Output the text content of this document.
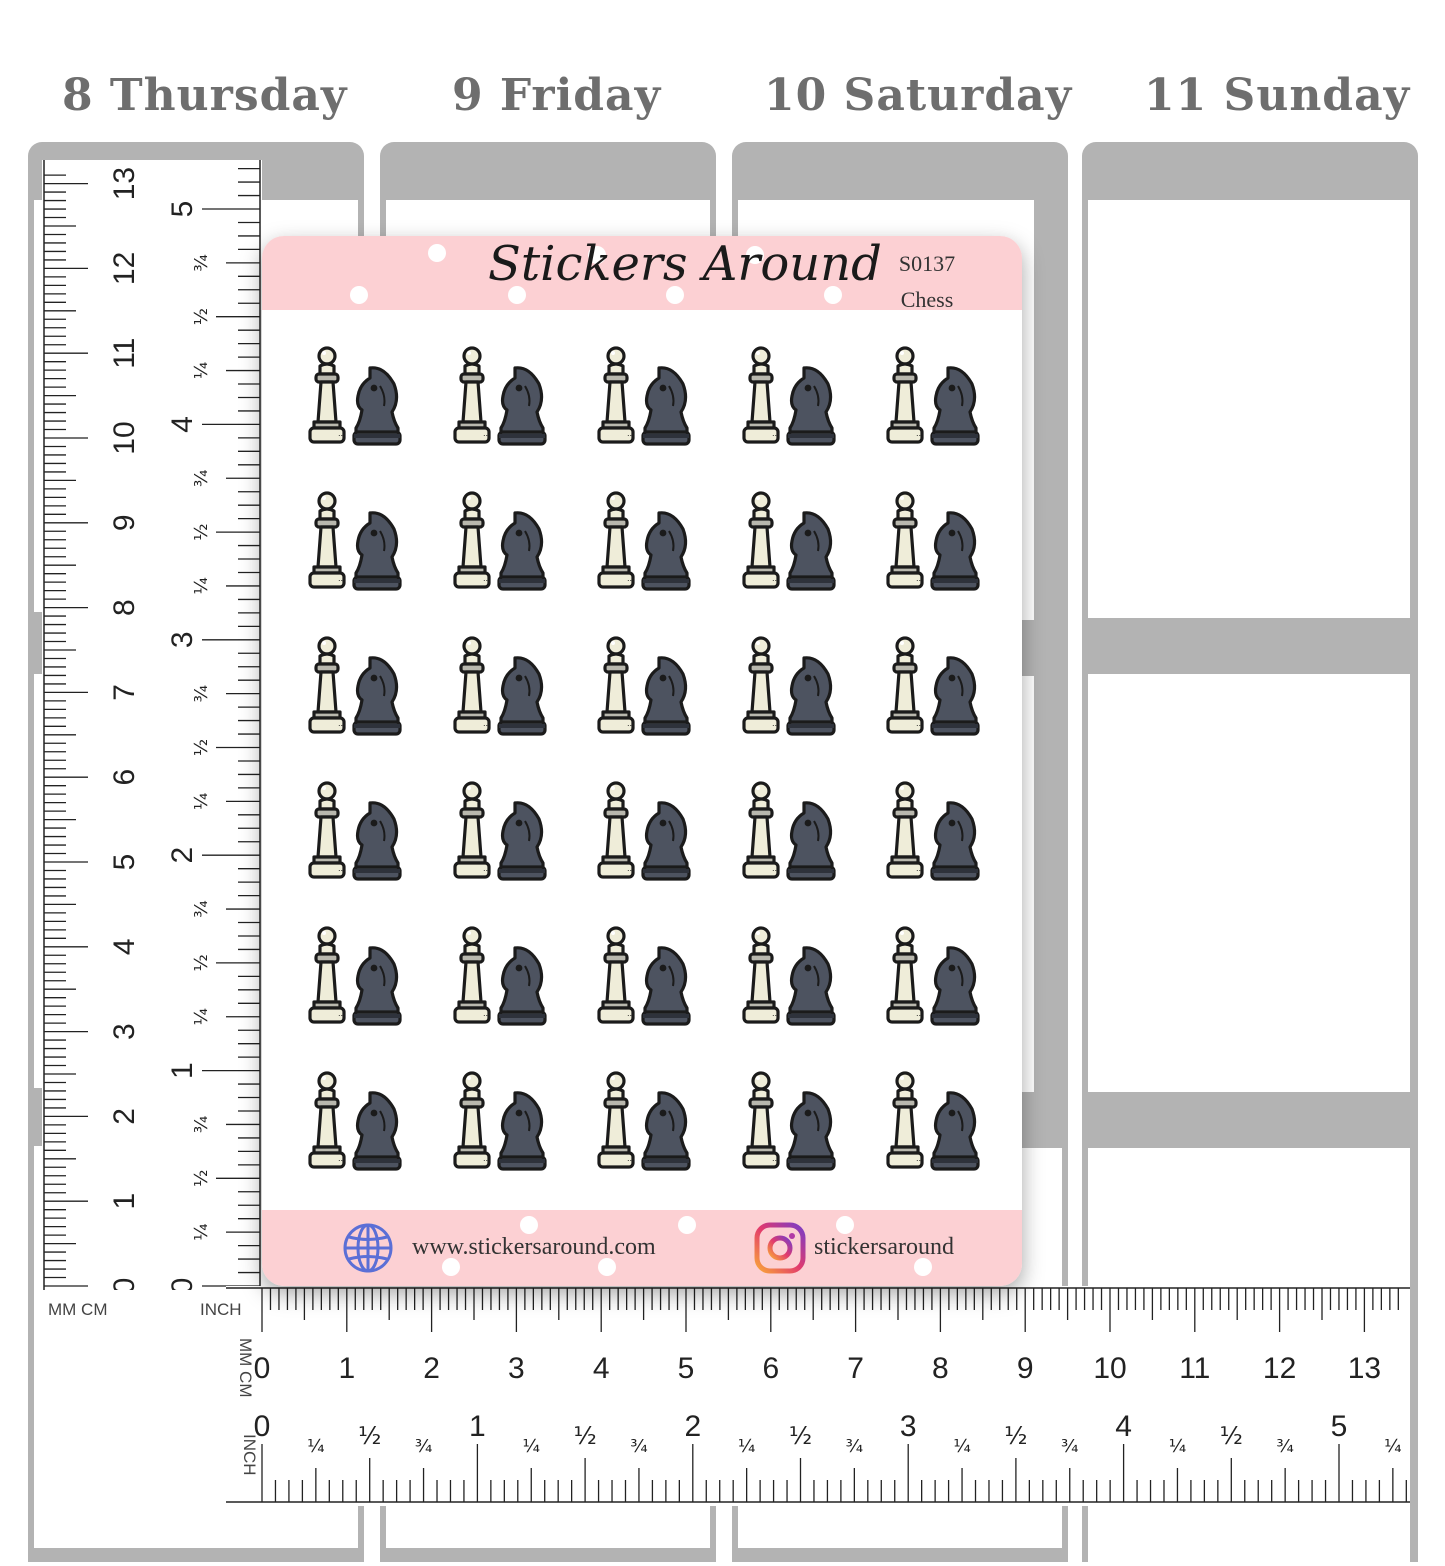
8 Thursday 9 Friday 10 Saturday 11 Sunday
0
1
2
3
4
5
6
7
8
9
10
11
12
13
0
1
2
3
4
5
¼
½
¾
¼
½
¾
¼
½
¾
¼
½
¾
¼
½
¾
0 1 2 3 4 5 6 7 8 9 10 11 12 13
0	1	2	3	4	5
¼ ½ ¾	¼ ½ ¾	¼ ½ ¾	¼ ½ ¾	¼ ½ ¾	¼
MM CM
INCH
MM CM	INCH
Stickers Around S0137
Chess
...	...	...	...	...
...	...	...	...	...
...	...	...	...	...
...	...	...	...	...
...	...	...	...	...
...	...	...	...	...
www.stickersaround.com	stickersaround
